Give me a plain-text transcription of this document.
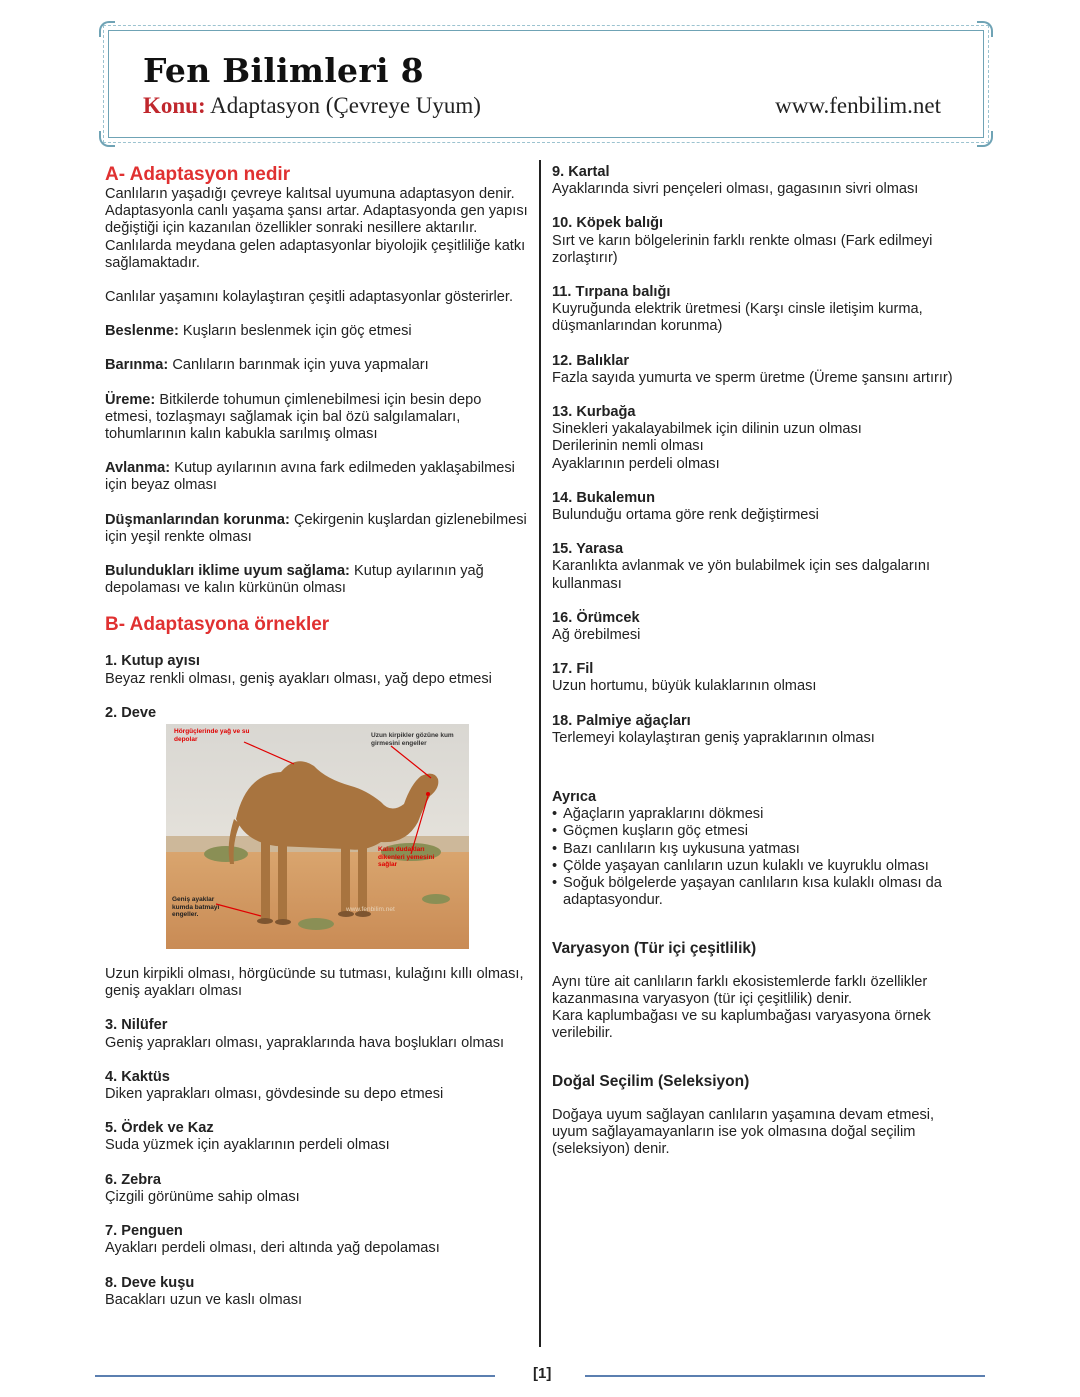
Fen Bilimleri 8
Konu: Adaptasyon (Çevreye Uyum)	www.fenbilim.net
A- Adaptasyon nedir

Canlıların yaşadığı çevreye kalıtsal uyumuna adaptasyon denir. Adaptasyonla canlı yaşama şansı artar. Adaptasyonda gen yapısı değiştiği için kazanılan özellikler sonraki nesillere aktarılır. Canlılarda meydana gelen adaptasyonlar biyolojik çeşitliliğe katkı sağlamaktadır.

Canlılar yaşamını kolaylaştıran çeşitli adaptasyonlar gösterirler.

Beslenme: Kuşların beslenmek için göç etmesi

Barınma: Canlıların barınmak için yuva yapmaları

Üreme: Bitkilerde tohumun çimlenebilmesi için besin depo etmesi, tozlaşmayı sağlamak için bal özü salgılamaları, tohumlarının kalın kabukla sarılmış olması

Avlanma: Kutup ayılarının avına fark edilmeden yaklaşabilmesi için beyaz olması

Düşmanlarından korunma: Çekirgenin kuşlardan gizlenebilmesi için yeşil renkte olması

Bulundukları iklime uyum sağlama: Kutup ayılarının yağ depolaması ve kalın kürkünün olması

B- Adaptasyona örnekler

1. Kutup ayısı

Beyaz renkli olması, geniş ayakları olması, yağ depo etmesi

2. Deve

Hörgüçlerinde yağ ve su depolar	Uzun kirpikler gözüne kum girmesini engeller
Kalın dudakları dikenleri yemesini sağlar
Geniş ayaklar kumda batmayı engeller.
www.fenbilim.net

Uzun kirpikli olması, hörgücünde su tutması, kulağını kıllı olması, geniş ayakları olması

3. Nilüfer

Geniş yaprakları olması, yapraklarında hava boşlukları olması

4. Kaktüs

Diken yaprakları olması, gövdesinde su depo etmesi

5. Ördek ve Kaz

Suda yüzmek için ayaklarının perdeli olması

6. Zebra

Çizgili görünüme sahip olması

7. Penguen

Ayakları perdeli olması, deri altında yağ depolaması

8. Deve kuşu

Bacakları uzun ve kaslı olması

9. Kartal

Ayaklarında sivri pençeleri olması, gagasının sivri olması

10. Köpek balığı

Sırt ve karın bölgelerinin farklı renkte olması (Fark edilmeyi zorlaştırır)

11. Tırpana balığı

Kuyruğunda elektrik üretmesi (Karşı cinsle iletişim kurma, düşmanlarından korunma)

12. Balıklar

Fazla sayıda yumurta ve sperm üretme (Üreme şansını artırır)

13. Kurbağa

Sinekleri yakalayabilmek için dilinin uzun olması

Derilerinin nemli olması

Ayaklarının perdeli olması

14. Bukalemun

Bulunduğu ortama göre renk değiştirmesi

15. Yarasa

Karanlıkta avlanmak ve yön bulabilmek için ses dalgalarını kullanması

16. Örümcek

Ağ örebilmesi

17. Fil

Uzun hortumu, büyük kulaklarının olması

18. Palmiye ağaçları

Terlemeyi kolaylaştıran geniş yapraklarının olması

Ayrıca

• Ağaçların yapraklarını dökmesi
• Göçmen kuşların göç etmesi
• Bazı canlıların kış uykusuna yatması
• Çölde yaşayan canlıların uzun kulaklı ve kuyruklu olması
• Soğuk bölgelerde yaşayan canlıların kısa kulaklı olması da adaptasyondur.

Varyasyon (Tür içi çeşitlilik)

Aynı türe ait canlıların farklı ekosistemlerde farklı özellikler kazanmasına varyasyon (tür içi çeşitlilik) denir.

Kara kaplumbağası ve su kaplumbağası varyasyona örnek verilebilir.

Doğal Seçilim (Seleksiyon)

Doğaya uyum sağlayan canlıların yaşamına devam etmesi, uyum sağlayamayanların ise yok olmasına doğal seçilim (seleksiyon) denir.

[1]
